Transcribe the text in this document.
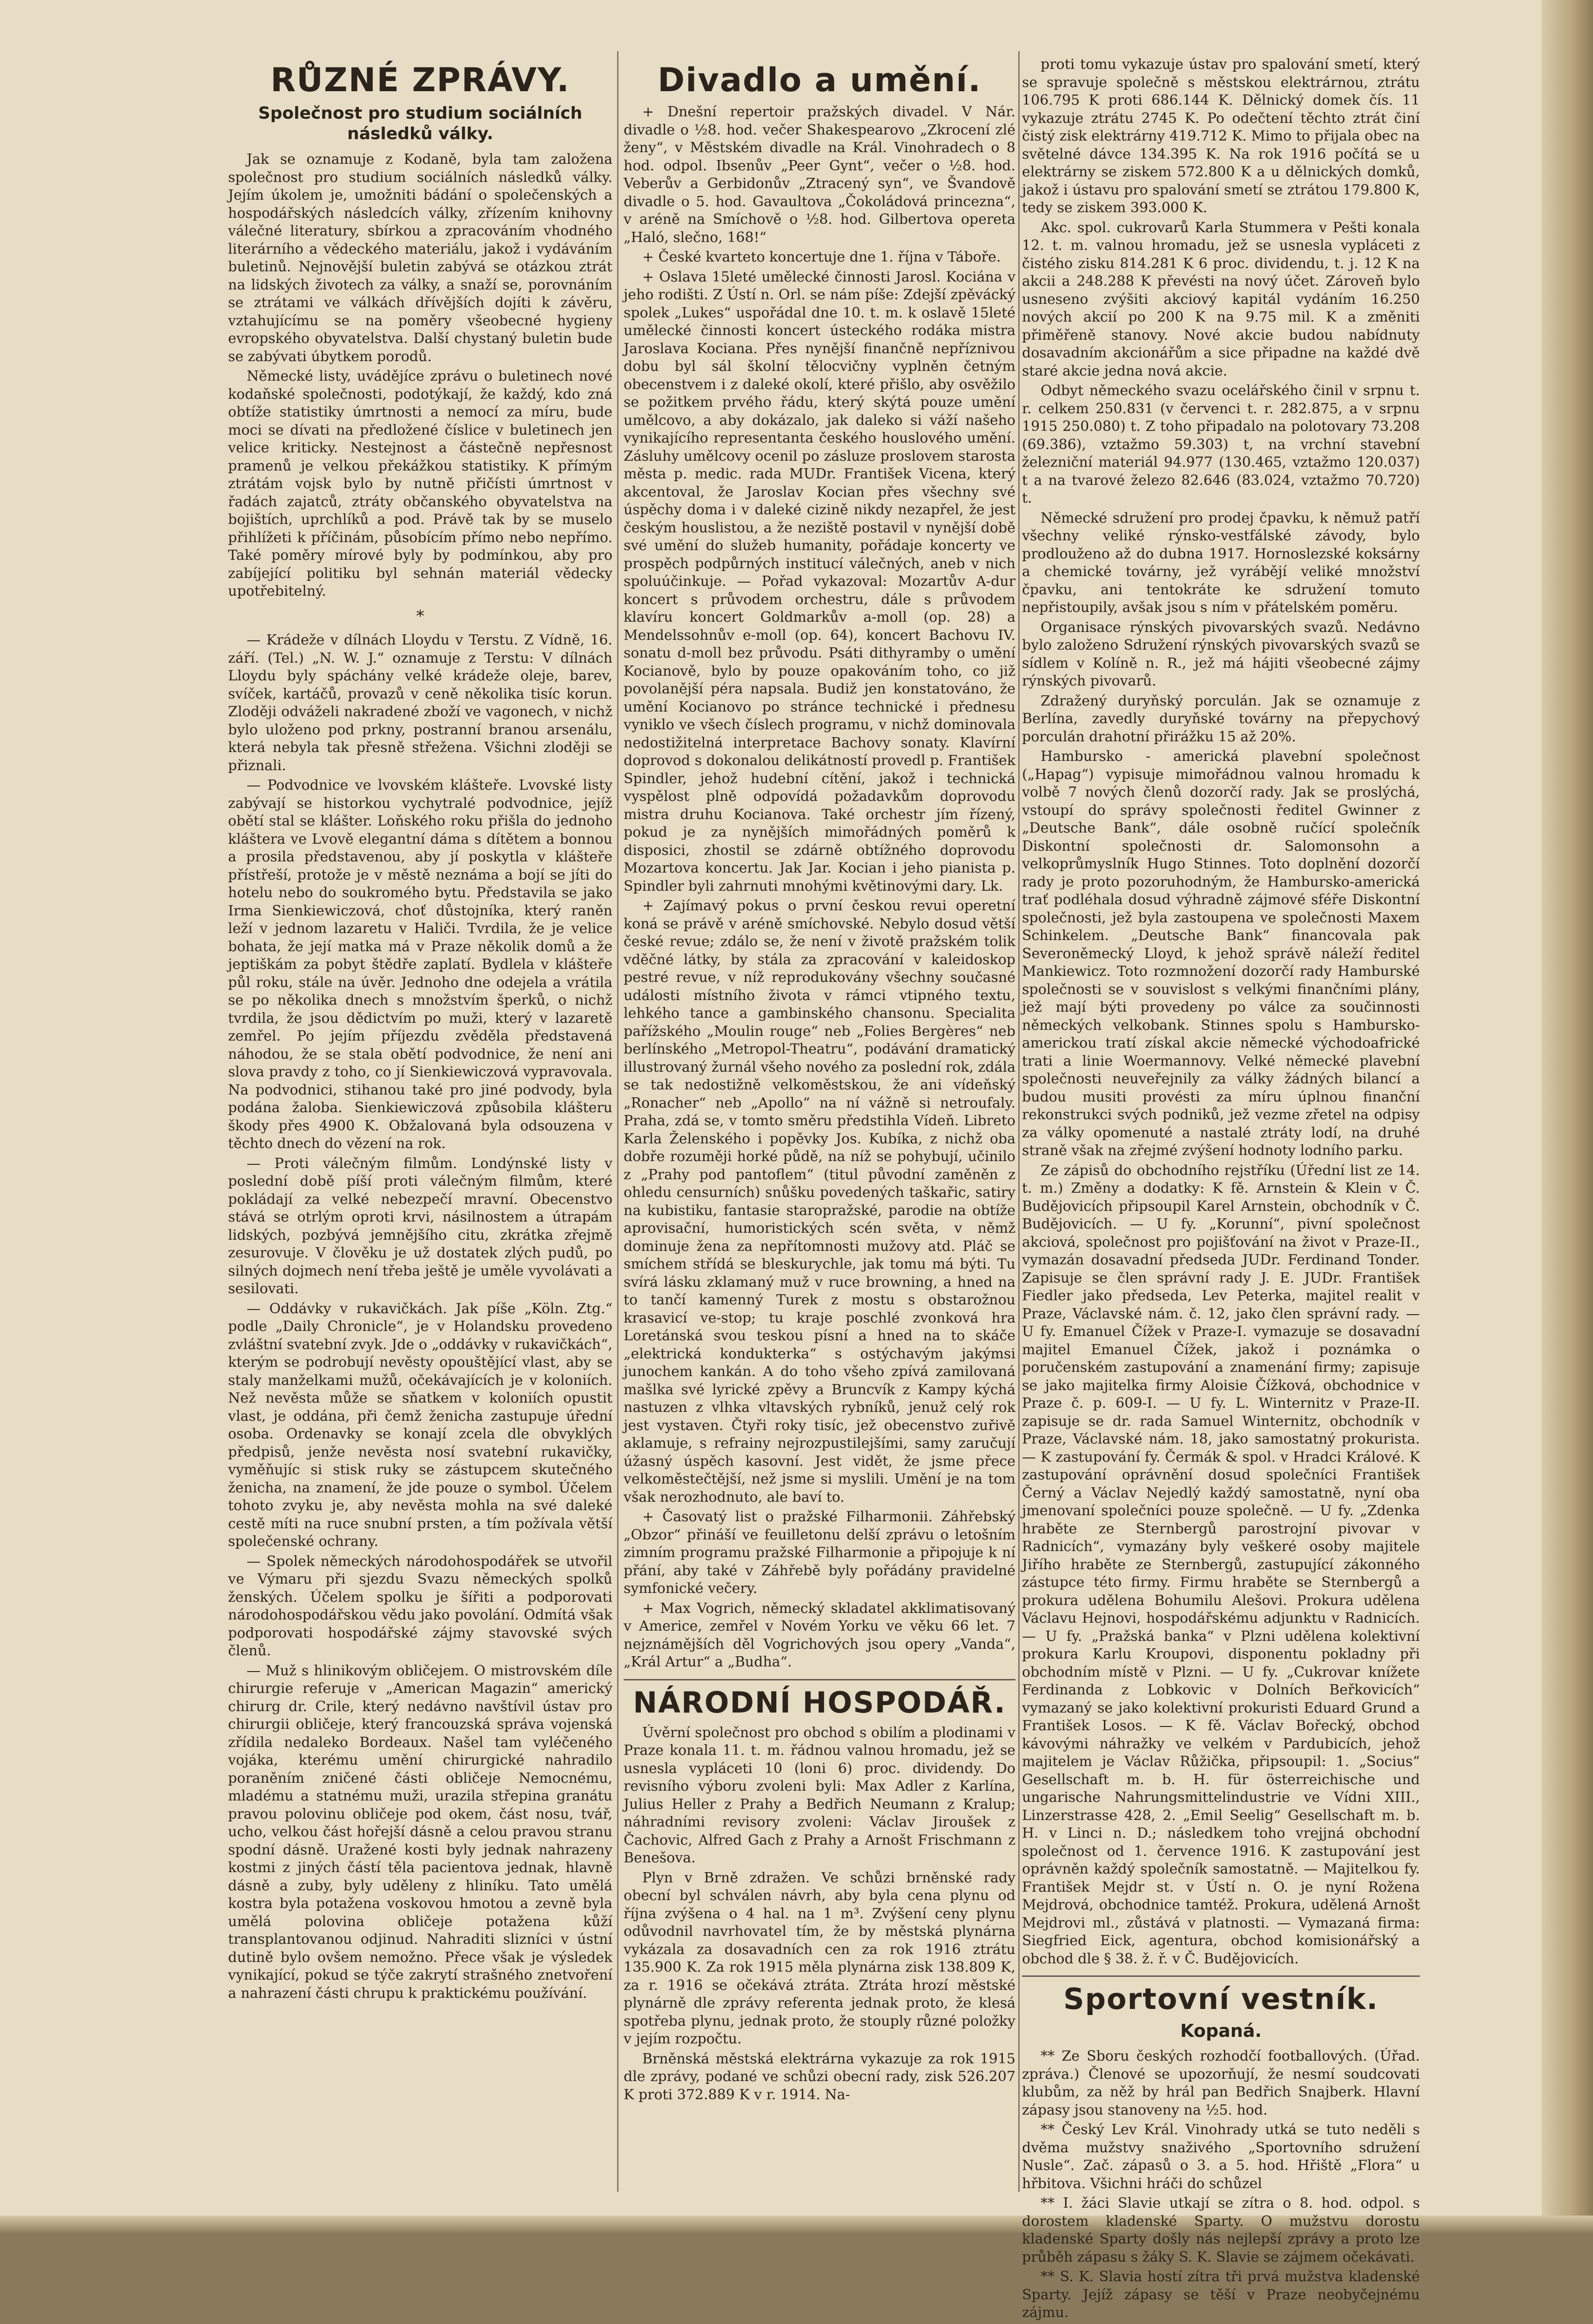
RŮZNÉ ZPRÁVY.
Společnost pro studium sociálních následků války.

Jak se oznamuje z Kodaně, byla tam založena společnost pro studium sociálních následků války. Jejím úkolem je, umožniti bádání o společenských a hospodářských následcích války, zřízením knihovny válečné literatury, sbírkou a zpracováním vhodného literárního a vědeckého materiálu, jakož i vydáváním buletinů. Nejnovější buletin zabývá se otázkou ztrát na lidských životech za války, a snaží se, porovnáním se ztrátami ve válkách dřívějších dojíti k závěru, vztahujícímu se na poměry všeobecné hygieny evropského obyvatelstva. Další chystaný buletin bude se zabývati úbytkem porodů.

Německé listy, uvádějíce zprávu o buletinech nové kodaňské společnosti, podotýkají, že každý, kdo zná obtíže statistiky úmrtnosti a nemocí za míru, bude moci se dívati na předložené číslice v buletinech jen velice kriticky. Nestejnost a částečně nepřesnost pramenů je velkou překážkou statistiky. K přímým ztrátám vojsk bylo by nutně přičísti úmrtnost v řadách zajatců, ztráty občanského obyvatelstva na bojištích, uprchlíků a pod. Právě tak by se muselo přihlížeti k příčinám, působícím přímo nebo nepřímo. Také poměry mírové byly by podmínkou, aby pro zabíjející politiku byl sehnán materiál vědecky upotřebitelný.

*

— Krádeže v dílnách Lloydu v Terstu. Z Vídně, 16. září. (Tel.) „N. W. J.“ oznamuje z Terstu: V dílnách Lloydu byly spáchány velké krádeže oleje, barev, svíček, kartáčů, provazů v ceně několika tisíc korun. Zloději odváželi nakradené zboží ve vagonech, v nichž bylo uloženo pod prkny, postranní branou arsenálu, která nebyla tak přesně střežena. Všichni zloději se přiznali.

— Podvodnice ve lvovském klášteře. Lvovské listy zabývají se historkou vychytralé podvodnice, jejíž obětí stal se klášter. Loňského roku přišla do jednoho kláštera ve Lvově elegantní dáma s dítětem a bonnou a prosila představenou, aby jí poskytla v klášteře přístřeší, protože je v městě neznáma a bojí se jíti do hotelu nebo do soukromého bytu. Představila se jako Irma Sienkiewiczová, choť důstojníka, který raněn leží v jednom lazaretu v Haliči. Tvrdila, že je velice bohata, že její matka má v Praze několik domů a že jeptiškám za pobyt štědře zaplatí. Bydlela v klášteře půl roku, stále na úvěr. Jednoho dne odejela a vrátila se po několika dnech s množstvím šperků, o nichž tvrdila, že jsou dědictvím po muži, který v lazaretě zemřel. Po jejím příjezdu zvěděla představená náhodou, že se stala obětí podvodnice, že není ani slova pravdy z toho, co jí Sienkiewiczová vypravovala. Na podvodnici, stihanou také pro jiné podvody, byla podána žaloba. Sienkiewiczová způsobila klášteru škody přes 4900 K. Obžalovaná byla odsouzena v těchto dnech do vězení na rok.

— Proti válečným filmům. Londýnské listy v poslední době píší proti válečným filmům, které pokládají za velké nebezpečí mravní. Obecenstvo stává se otrlým oproti krvi, násilnostem a útrapám lidských, pozbývá jemnějšího citu, zkrátka zřejmě zesurovuje. V člověku je už dostatek zlých pudů, po silných dojmech není třeba ještě je uměle vyvolávati a sesilovati.

— Oddávky v rukavičkách. Jak píše „Köln. Ztg.“ podle „Daily Chronicle“, je v Holandsku provedeno zvláštní svatební zvyk. Jde o „oddávky v rukavičkách“, kterým se podrobují nevěsty opouštějící vlast, aby se staly manželkami mužů, očekávajících je v koloniích. Než nevěsta může se sňatkem v koloniích opustit vlast, je oddána, při čemž ženicha zastupuje úřední osoba. Ordenavky se konají zcela dle obvyklých předpisů, jenže nevěsta nosí svatební rukavičky, vyměňujíc si stisk ruky se zástupcem skutečného ženicha, na znamení, že jde pouze o symbol. Účelem tohoto zvyku je, aby nevěsta mohla na své daleké cestě míti na ruce snubní prsten, a tím požívala větší společenské ochrany.

— Spolek německých národohospodářek se utvořil ve Výmaru při sjezdu Svazu německých spolků ženských. Účelem spolku je šířiti a podporovati národohospodářskou vědu jako povolání. Odmítá však podporovati hospodářské zájmy stavovské svých členů.

— Muž s hlinikovým obličejem. O mistrovském díle chirurgie referuje v „American Magazin“ americký chirurg dr. Crile, který nedávno navštívil ústav pro chirurgii obličeje, který francouzská správa vojenská zřídila nedaleko Bordeaux. Našel tam vyléčeného vojáka, kterému umění chirurgické nahradilo poraněním zničené části obličeje Nemocnému, mladému a statnému muži, urazila střepina granátu pravou polovinu obličeje pod okem, část nosu, tvář, ucho, velkou část hořejší dásně a celou pravou stranu spodní dásně. Uražené kosti byly jednak nahrazeny kostmi z jiných částí těla pacientova jednak, hlavně dásně a zuby, byly uděleny z hliníku. Tato umělá kostra byla potažena voskovou hmotou a zevně byla umělá polovina obličeje potažena kůží transplantovanou odjinud. Nahraditi slizníci v ústní dutině bylo ovšem nemožno. Přece však je výsledek vynikající, pokud se týče zakrytí strašného znetvoření a nahrazení části chrupu k praktickému používání.

Divadlo a umění.

+ Dnešní repertoir pražských divadel. V Nár. divadle o ½8. hod. večer Shakespearovo „Zkrocení zlé ženy“, v Městském divadle na Král. Vinohradech o 8 hod. odpol. Ibsenův „Peer Gynt“, večer o ½8. hod. Veberův a Gerbidonův „Ztracený syn“, ve Švandově divadle o 5. hod. Gavaultova „Čokoládová princezna“, v aréně na Smíchově o ½8. hod. Gilbertova opereta „Haló, slečno, 168!“

+ České kvarteto koncertuje dne 1. října v Táboře.

+ Oslava 15leté umělecké činnosti Jarosl. Kociána v jeho rodišti. Z Ústí n. Orl. se nám píše: Zdejší zpěvácký spolek „Lukes“ uspořádal dne 10. t. m. k oslavě 15leté umělecké činnosti koncert ústeckého rodáka mistra Jaroslava Kociana. Přes nynější finančně nepříznivou dobu byl sál školní tělocvičny vyplněn četným obecenstvem i z daleké okolí, které přišlo, aby osvěžilo se požitkem prvého řádu, který skýtá pouze umění umělcovo, a aby dokázalo, jak daleko si váží našeho vynikajícího representanta českého houslového umění. Zásluhy umělcovy ocenil po zásluze proslovem starosta města p. medic. rada MUDr. František Vicena, který akcentoval, že Jaroslav Kocian přes všechny své úspěchy doma i v daleké cizině nikdy nezapřel, že jest českým houslistou, a že neziště postavil v nynější době své umění do služeb humanity, pořádaje koncerty ve prospěch podpůrných institucí válečných, aneb v nich spoluúčinkuje. — Pořad vykazoval: Mozartův A-dur koncert s průvodem orchestru, dále s průvodem klavíru koncert Goldmarkův a-moll (op. 28) a Mendelssohnův e-moll (op. 64), koncert Bachovu IV. sonatu d-moll bez průvodu. Psáti dithyramby o umění Kocianově, bylo by pouze opakováním toho, co již povolanější péra napsala. Budiž jen konstatováno, že umění Kocianovo po stránce technické i přednesu vyniklo ve všech číslech programu, v nichž dominovala nedostižitelná interpretace Bachovy sonaty. Klavírní doprovod s dokonalou delikátností provedl p. František Spindler, jehož hudební cítění, jakož i technická vyspělost plně odpovídá požadavkům doprovodu mistra druhu Kocianova. Také orchestr jím řízený, pokud je za nynějších mimořádných poměrů k disposici, zhostil se zdárně obtížného doprovodu Mozartova koncertu. Jak Jar. Kocian i jeho pianista p. Spindler byli zahrnuti mnohými květinovými dary. Lk.

+ Zajímavý pokus o první českou revui operetní koná se právě v aréně smíchovské. Nebylo dosud větší české revue; zdálo se, že není v životě pražském tolik vděčné látky, by stála za zpracování v kaleidoskop pestré revue, v níž reprodukovány všechny současné události místního života v rámci vtipného textu, lehkého tance a gambinského chansonu. Specialita pařížského „Moulin rouge“ neb „Folies Bergères“ neb berlínského „Metropol-Theatru“, podávání dramatický illustrovaný žurnál všeho nového za poslední rok, zdála se tak nedostižně velkoměstskou, že ani vídeňský „Ronacher“ neb „Apollo“ na ní vážně si netroufaly. Praha, zdá se, v tomto směru předstihla Vídeň. Libreto Karla Želenského i popěvky Jos. Kubíka, z nichž oba dobře rozuměji horké půdě, na níž se pohybují, učinilo z „Prahy pod pantoflem“ (titul původní zaměněn z ohledu censurních) snůšku povedených taškařic, satiry na kubistiku, fantasie staropražské, parodie na obtíže aprovisační, humoristických scén světa, v němž dominuje žena za nepřítomnosti mužovy atd. Pláč se smíchem střídá se bleskurychle, jak tomu má býti. Tu svírá lásku zklamaný muž v ruce browning, a hned na to tančí kamenný Turek z mostu s obstarožnou krasavicí ve-stop; tu kraje poschlé zvonková hra Loretánská svou teskou písní a hned na to skáče „elektrická kondukterka“ s ostýchavým jakýmsi junochem kankán. A do toho všeho zpívá zamilovaná mašlka své lyrické zpěvy a Bruncvík z Kampy kýchá nastuzen z vlhka vltavských rybníků, jenuž celý rok jest vystaven. Čtyři roky tisíc, jež obecenstvo zuřivě aklamuje, s refrainy nejrozpustilejšími, samy zaručují úžasný úspěch kasovní. Jest vidět, že jsme přece velkoměstečtější, než jsme si myslili. Umění je na tom však nerozhodnuto, ale baví to.

+ Časovatý list o pražské Filharmonii. Záhřebský „Obzor“ přináší ve feuilletonu delší zprávu o letošním zimním programu pražské Filharmonie a připojuje k ní přání, aby také v Záhřebě byly pořádány pravidelné symfonické večery.

+ Max Vogrich, německý skladatel akklimatisovaný v Americe, zemřel v Novém Yorku ve věku 66 let. 7 nejznámějších děl Vogrichových jsou opery „Vanda“, „Král Artur“ a „Budha“.

NÁRODNÍ HOSPODÁŘ.

Úvěrní společnost pro obchod s obilím a plodinami v Praze konala 11. t. m. řádnou valnou hromadu, jež se usnesla vypláceti 10 (loni 6) proc. dividendy. Do revisního výboru zvoleni byli: Max Adler z Karlína, Julius Heller z Prahy a Bedřich Neumann z Kralup; náhradními revisory zvoleni: Václav Jiroušek z Čachovic, Alfred Gach z Prahy a Arnošt Frischmann z Benešova.

Plyn v Brně zdražen. Ve schůzi brněnské rady obecní byl schválen návrh, aby byla cena plynu od října zvýšena o 4 hal. na 1 m³. Zvýšení ceny plynu odůvodnil navrhovatel tím, že by městská plynárna vykázala za dosavadních cen za rok 1916 ztrátu 135.900 K. Za rok 1915 měla plynárna zisk 138.809 K, za r. 1916 se očekává ztráta. Ztráta hrozí městské plynárně dle zprávy referenta jednak proto, že klesá spotřeba plynu, jednak proto, že stouply různé položky v jejím rozpočtu.

Brněnská městská elektrárna vykazuje za rok 1915 dle zprávy, podané ve schůzi obecní rady, zisk 526.207 K proti 372.889 K v r. 1914. Na-

proti tomu vykazuje ústav pro spalování smetí, který se spravuje společně s městskou elektrárnou, ztrátu 106.795 K proti 686.144 K. Dělnický domek čís. 11 vykazuje ztrátu 2745 K. Po odečtení těchto ztrát činí čistý zisk elektrárny 419.712 K. Mimo to přijala obec na světelné dávce 134.395 K. Na rok 1916 počítá se u elektrárny se ziskem 572.800 K a u dělnických domků, jakož i ústavu pro spalování smetí se ztrátou 179.800 K, tedy se ziskem 393.000 K.

Akc. spol. cukrovarů Karla Stummera v Pešti konala 12. t. m. valnou hromadu, jež se usnesla vypláceti z čistého zisku 814.281 K 6 proc. dividendu, t. j. 12 K na akcii a 248.288 K převésti na nový účet. Zároveň bylo usneseno zvýšiti akciový kapitál vydáním 16.250 nových akcií po 200 K na 9.75 mil. K a změniti přiměřeně stanovy. Nové akcie budou nabídnuty dosavadním akcionářům a sice připadne na každé dvě staré akcie jedna nová akcie.

Odbyt německého svazu ocelářského činil v srpnu t. r. celkem 250.831 (v červenci t. r. 282.875, a v srpnu 1915 250.080) t. Z toho připadalo na polotovary 73.208 (69.386), vztažmo 59.303) t, na vrchní stavební železniční materiál 94.977 (130.465, vztažmo 120.037) t a na tvarové železo 82.646 (83.024, vztažmo 70.720) t.

Německé sdružení pro prodej čpavku, k němuž patří všechny veliké rýnsko-vestfálské závody, bylo prodlouženo až do dubna 1917. Hornoslezské koksárny a chemické továrny, jež vyrábějí veliké množství čpavku, ani tentokráte ke sdružení tomuto nepřistoupily, avšak jsou s ním v přátelském poměru.

Organisace rýnských pivovarských svazů. Nedávno bylo založeno Sdružení rýnských pivovarských svazů se sídlem v Kolíně n. R., jež má hájiti všeobecné zájmy rýnských pivovarů.

Zdražený duryňský porculán. Jak se oznamuje z Berlína, zavedly duryňské továrny na přepychový porculán drahotní přirážku 15 až 20%.

Hambursko - americká plavební společnost („Hapag“) vypisuje mimořádnou valnou hromadu k volbě 7 nových členů dozorčí rady. Jak se proslýchá, vstoupí do správy společnosti ředitel Gwinner z „Deutsche Bank“, dále osobně ručící společník Diskontní společnosti dr. Salomonsohn a velkoprůmyslník Hugo Stinnes. Toto doplnění dozorčí rady je proto pozoruhodným, že Hambursko-americká trať podléhala dosud výhradně zájmové sféře Diskontní společnosti, jež byla zastoupena ve společnosti Maxem Schinkelem. „Deutsche Bank“ financovala pak Severoněmecký Lloyd, k jehož správě náleží ředitel Mankiewicz. Toto rozmnožení dozorčí rady Hamburské společnosti se v souvislost s velkými finančními plány, jež mají býti provedeny po válce za součinnosti německých velkobank. Stinnes spolu s Hambursko-americkou tratí získal akcie německé východoafrické trati a linie Woermannovy. Velké německé plavební společnosti neuveřejnily za války žádných bilancí a budou musiti provésti za míru úplnou finanční rekonstrukci svých podniků, jež vezme zřetel na odpisy za války opomenuté a nastalé ztráty lodí, na druhé straně však na zřejmé zvýšení hodnoty lodního parku.

Ze zápisů do obchodního rejstříku (Úřední list ze 14. t. m.) Změny a dodatky: K fě. Arnstein & Klein v Č. Budějovicích připsoupil Karel Arnstein, obchodník v Č. Budějovicích. — U fy. „Korunní“, pivní společnost akciová, společnost pro pojišťování na život v Praze-II., vymazán dosavadní předseda JUDr. Ferdinand Tonder. Zapisuje se člen správní rady J. E. JUDr. František Fiedler jako předseda, Lev Peterka, majitel realit v Praze, Václavské nám. č. 12, jako člen správní rady. — U fy. Emanuel Čížek v Praze-I. vymazuje se dosavadní majitel Emanuel Čížek, jakož i poznámka o poručenském zastupování a znamenání firmy; zapisuje se jako majitelka firmy Aloisie Čížková, obchodnice v Praze č. p. 609-I. — U fy. L. Winternitz v Praze-II. zapisuje se dr. rada Samuel Winternitz, obchodník v Praze, Václavské nám. 18, jako samostatný prokurista. — K zastupování fy. Čermák & spol. v Hradci Králové. K zastupování oprávnění dosud společníci František Černý a Václav Nejedlý každý samostatně, nyní oba jmenovaní společníci pouze společně. — U fy. „Zdenka hraběte ze Sternbergů parostrojní pivovar v Radnicích“, vymazány byly veškeré osoby majitele Jiřího hraběte ze Sternbergů, zastupující zákonného zástupce této firmy. Firmu hraběte se Sternbergů a prokura udělena Bohumilu Alešovi. Prokura udělena Václavu Hejnovi, hospodářskému adjunktu v Radnicích. — U fy. „Pražská banka“ v Plzni udělena kolektivní prokura Karlu Kroupovi, disponentu pokladny při obchodním místě v Plzni. — U fy. „Cukrovar knížete Ferdinanda z Lobkovic v Dolních Beřkovicích“ vymazaný se jako kolektivní prokuristi Eduard Grund a František Losos. — K fě. Václav Bořecký, obchod kávovými náhražky ve velkém v Pardubicích, jehož majitelem je Václav Růžička, připsoupil: 1. „Socius“ Gesellschaft m. b. H. für österreichische und ungarische Nahrungsmittelindustrie ve Vídni XIII., Linzerstrasse 428, 2. „Emil Seelig“ Gesellschaft m. b. H. v Linci n. D.; následkem toho vrejjná obchodní společnost od 1. července 1916. K zastupování jest oprávněn každý společník samostatně. — Majitelkou fy. František Mejdr st. v Ústí n. O. je nyní Rožena Mejdrová, obchodnice tamtéž. Prokura, udělená Arnošt Mejdrovi ml., zůstává v platnosti. — Vymazaná firma: Siegfried Eick, agentura, obchod komisionářský a obchod dle § 38. ž. ř. v Č. Budějovicích.

Sportovní vestník.
Kopaná.

** Ze Sboru českých rozhodčí footballových. (Úřad. zpráva.) Členové se upozorňují, že nesmí soudcovati klubům, za něž by hrál pan Bedřich Snajberk. Hlavní zápasy jsou stanoveny na ½5. hod.

** Český Lev Král. Vinohrady utká se tuto neděli s dvěma mužstvy snaživého „Sportovního sdružení Nusle“. Zač. zápasů o 3. a 5. hod. Hřiště „Flora“ u hřbitova. Všichni hráči do schůzel

** I. žáci Slavie utkají se zítra o 8. hod. odpol. s dorostem kladenské Sparty. O mužstvu dorostu kladenské Sparty došly nás nejlepší zprávy a proto lze průběh zápasu s žáky S. K. Slavie se zájmem očekávati.

** S. K. Slavia hostí zítra tři prvá mužstva kladenské Sparty. Jejíž zápasy se těší v Praze neobyčejnému zájmu.
